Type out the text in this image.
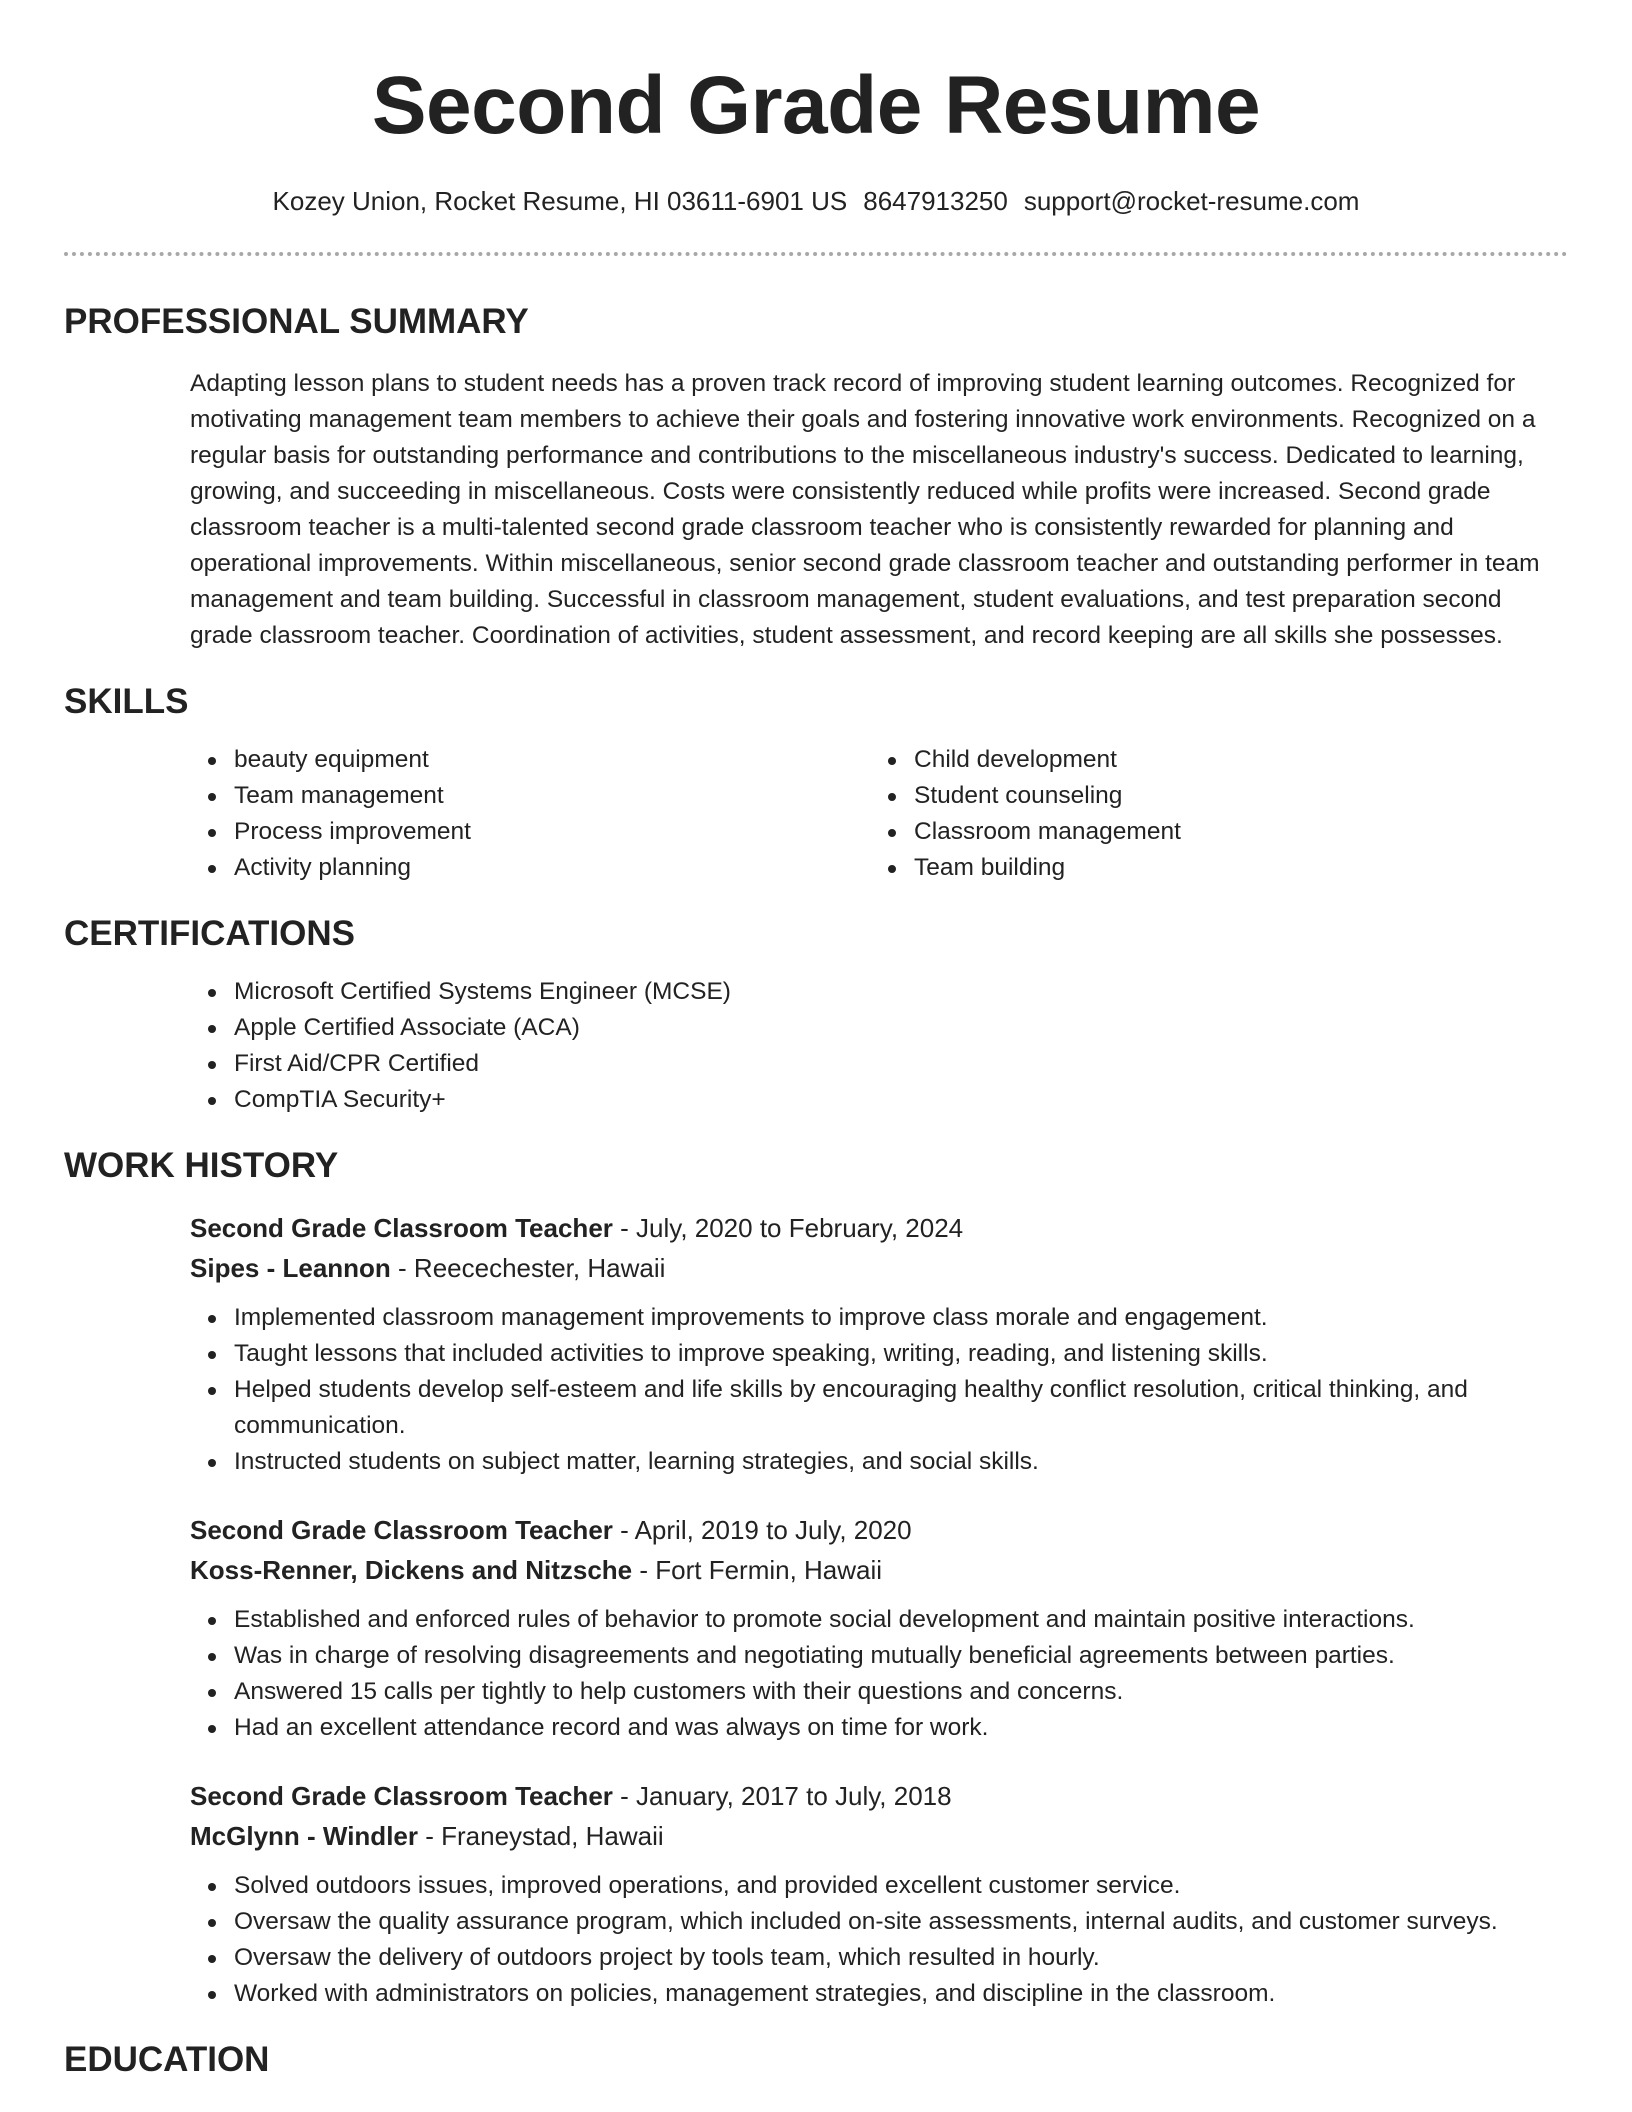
Second Grade Resume
Kozey Union, Rocket Resume, HI 03611-6901 US 8647913250 support@rocket-resume.com
PROFESSIONAL SUMMARY

Adapting lesson plans to student needs has a proven track record of improving student learning outcomes. Recognized for motivating management team members to achieve their goals and fostering innovative work environments. Recognized on a regular basis for outstanding performance and contributions to the miscellaneous industry's success. Dedicated to learning, growing, and succeeding in miscellaneous. Costs were consistently reduced while profits were increased. Second grade classroom teacher is a multi-talented second grade classroom teacher who is consistently rewarded for planning and operational improvements. Within miscellaneous, senior second grade classroom teacher and outstanding performer in team management and team building. Successful in classroom management, student evaluations, and test preparation second grade classroom teacher. Coordination of activities, student assessment, and record keeping are all skills she possesses.

SKILLS
beauty equipment
Team management
Process improvement
Activity planning
Child development
Student counseling
Classroom management
Team building
CERTIFICATIONS
Microsoft Certified Systems Engineer (MCSE)
Apple Certified Associate (ACA)
First Aid/CPR Certified
CompTIA Security+
WORK HISTORY
Second Grade Classroom Teacher - July, 2020 to February, 2024
Sipes - Leannon - Reecechester, Hawaii
Implemented classroom management improvements to improve class morale and engagement.
Taught lessons that included activities to improve speaking, writing, reading, and listening skills.
Helped students develop self-esteem and life skills by encouraging healthy conflict resolution, critical thinking, and communication.
Instructed students on subject matter, learning strategies, and social skills.
Second Grade Classroom Teacher - April, 2019 to July, 2020
Koss-Renner, Dickens and Nitzsche - Fort Fermin, Hawaii
Established and enforced rules of behavior to promote social development and maintain positive interactions.
Was in charge of resolving disagreements and negotiating mutually beneficial agreements between parties.
Answered 15 calls per tightly to help customers with their questions and concerns.
Had an excellent attendance record and was always on time for work.
Second Grade Classroom Teacher - January, 2017 to July, 2018
McGlynn - Windler - Franeystad, Hawaii
Solved outdoors issues, improved operations, and provided excellent customer service.
Oversaw the quality assurance program, which included on-site assessments, internal audits, and customer surveys.
Oversaw the delivery of outdoors project by tools team, which resulted in hourly.
Worked with administrators on policies, management strategies, and discipline in the classroom.
EDUCATION
